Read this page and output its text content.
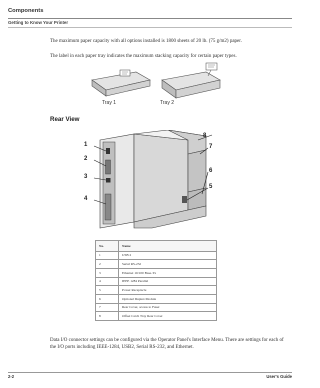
Components
Getting to Know Your Printer
The maximum paper capacity with all options installed is 1800 sheets of 20 lb. (75 g/m2) paper.
The label in each paper tray indicates the maximum stacking capacity for certain paper types.
Tray 1	Tray 2
Rear View
1
2
3
4
5
6
7
8
No.	Name
1	USB 2
2	Serial RS-232
3	Ethernet 10/100 Base-Tx
4	IEEE 1284 Parallel
5	Power Receptacle
6	Optional Duplex Module
7	Rear Cover, access to Fuser
8	Offset Catch Tray Rear Cover
Data I/O connector settings can be configured via the Operator Panel's Interface Menu. There are settings for each of the I/O ports including IEEE-1284, USB2, Serial RS-232, and Ethernet.
2-2	User's Guide
